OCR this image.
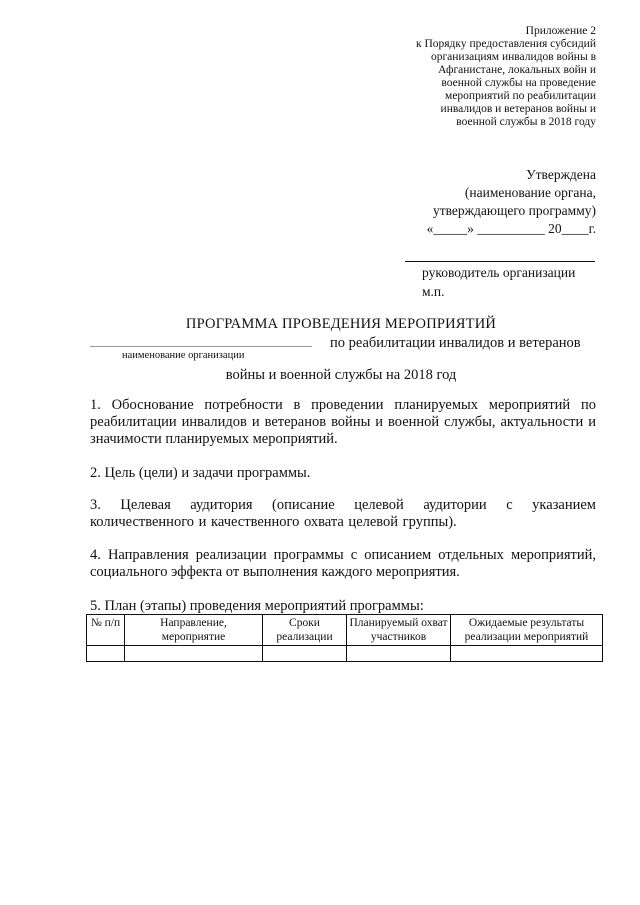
Приложение 2
к Порядку предоставления субсидий
организациям инвалидов войны в
Афганистане, локальных войн и
военной службы на проведение
мероприятий по реабилитации
инвалидов и ветеранов войны и
военной службы в 2018 году
Утверждена
(наименование органа,
утверждающего программу)
«_____» __________ 20____г.
руководитель организации
м.п.
ПРОГРАММА ПРОВЕДЕНИЯ МЕРОПРИЯТИЙ
по реабилитации инвалидов и ветеранов
наименование организации
войны и военной службы на 2018 год
1. Обоснование потребности в проведении планируемых мероприятий по реабилитации инвалидов и ветеранов войны и военной службы, актуальности и значимости планируемых мероприятий.
2. Цель (цели) и задачи программы.
3. Целевая аудитория (описание целевой аудитории с указанием количественного и качественного охвата целевой группы).
4. Направления реализации программы с описанием отдельных мероприятий, социального эффекта от выполнения каждого мероприятия.
5. План (этапы) проведения мероприятий программы:
№ п/п	Направление, мероприятие	Сроки реализации	Планируемый охват участников	Ожидаемые результаты реализации мероприятий
